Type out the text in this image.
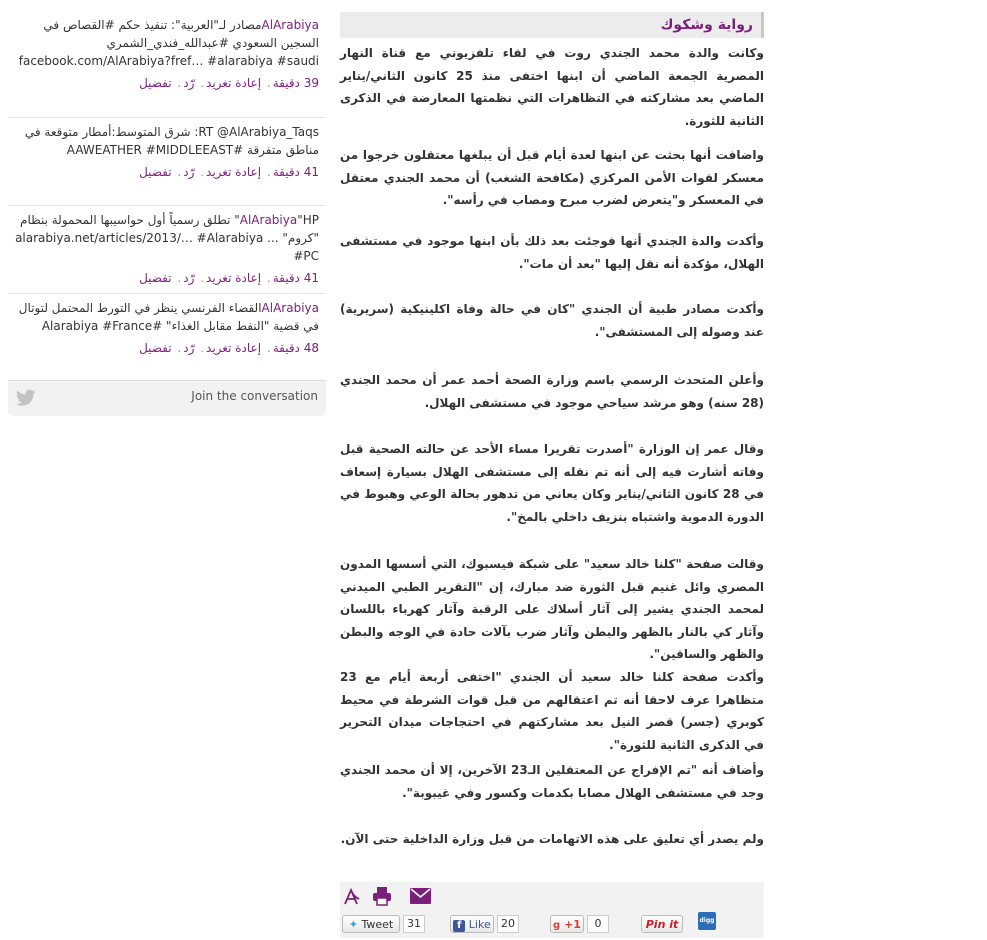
AlArabiyaمصادر لـ"العربية": تنفيذ حكم #القصاص في السجين السعودي #عبدالله_فندي_الشمري facebook.com/AlArabiya?fref… #alarabiya #saudi
39 دقيقة. إعادة تغريد. رّد. تفضيل
RT @AlArabiya_Taqs: شرق المتوسط:أمطار متوقعة في مناطق متفرقة #AAWEATHER #MIDDLEEAST
41 دقيقة. إعادة تغريد. رّد. تفضيل
AlArabiya"HP" تطلق رسمياً أول حواسيبها المحمولة بنظام "كروم" ... alarabiya.net/articles/2013/… #Alarabiya #PC
41 دقيقة. إعادة تغريد. رّد. تفضيل
AlArabiyaالقضاء الفرنسي ينظر في التورط المحتمل لتوتال في قضية "النفط مقابل الغذاء" #Alarabiya #France
48 دقيقة. إعادة تغريد. رّد. تفضيل
Join the conversation
رواية وشكوك

وكانت والدة محمد الجندي روت في لقاء تلفزيوني مع قناة النهار المصرية الجمعة الماضي أن ابنها اختفى منذ 25 كانون الثاني/يناير الماضي بعد مشاركته في التظاهرات التي نظمتها المعارضة في الذكرى الثانية للثورة.

واضافت أنها بحثت عن ابنها لعدة أيام قبل أن يبلغها معتقلون خرجوا من معسكر لقوات الأمن المركزي (مكافحة الشغب) أن محمد الجندي معتقل في المعسكر و"يتعرض لضرب مبرح ومصاب في رأسه".

وأكدت والدة الجندي أنها فوجئت بعد ذلك بأن ابنها موجود في مستشفى الهلال، مؤكدة أنه نقل إليها "بعد أن مات".

وأكدت مصادر طبية أن الجندي "كان في حالة وفاة اكلينيكية (سريرية) عند وصوله إلى المستشفى".

وأعلن المتحدث الرسمي باسم وزارة الصحة أحمد عمر أن محمد الجندي (28 سنه) وهو مرشد سياحي موجود في مستشفى الهلال.

وقال عمر إن الوزارة "أصدرت تقريرا مساء الأحد عن حالته الصحية قبل وفاته أشارت فيه إلى أنه تم نقله إلى مستشفى الهلال بسيارة إسعاف في 28 كانون الثاني/يناير وكان يعاني من تدهور بحالة الوعي وهبوط في الدورة الدموية واشتباه بنزيف داخلي بالمخ".

وقالت صفحة "كلنا خالد سعيد" على شبكة فيسبوك، التي أسسها المدون المصري وائل غنيم قبل الثورة ضد مبارك، إن "التقرير الطبي الميدني لمحمد الجندي يشير إلى آثار أسلاك على الرقبة وآثار كهرباء باللسان وآثار كي بالنار بالظهر والبطن وآثار ضرب بآلات حادة في الوجه والبطن والظهر والساقين".

وأكدت صفحة كلنا خالد سعيد أن الجندي "اختفى أربعة أيام مع 23 متظاهرا عرف لاحقا أنه تم اعتقالهم من قبل قوات الشرطة في محيط كوبري (جسر) قصر النيل بعد مشاركتهم في احتجاجات ميدان التحرير في الذكرى الثانية للثورة".

وأضاف أنه "تم الإفراج عن المعتقلين الـ23 الآخرين، إلا أن محمد الجندي وجد في مستشفى الهلال مصابا بكدمات وكسور وفي غيبوبة".

ولم يصدر أي تعليق على هذه الاتهامات من قبل وزارة الداخلية حتى الآن.

✦ Tweet	31	f Like 20	g +1	0	Pin it	digg
